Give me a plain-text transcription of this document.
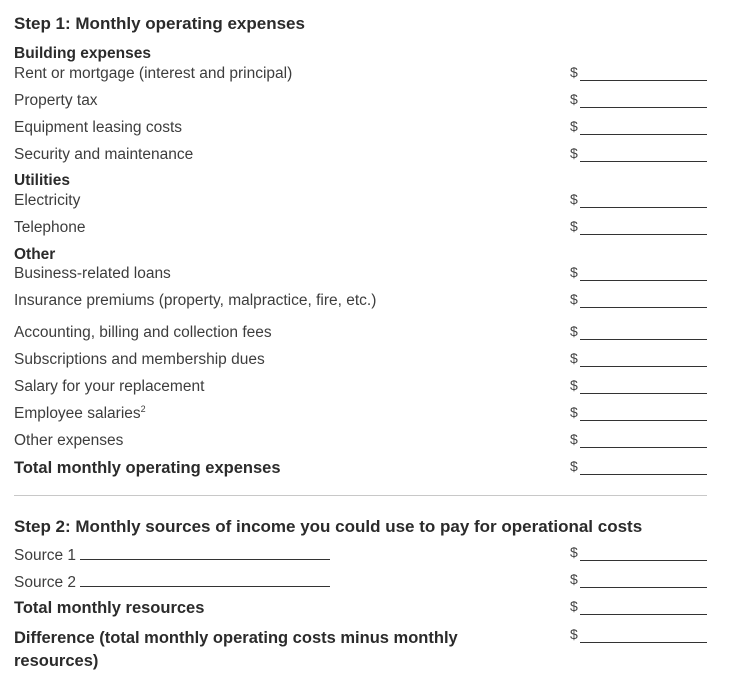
Step 1: Monthly operating expenses
Building expenses
Rent or mortgage (interest and principal)	$
Property tax	$
Equipment leasing costs	$
Security and maintenance	$
Utilities
Electricity	$
Telephone	$
Other
Business-related loans	$
Insurance premiums (property, malpractice, fire, etc.)	$
Accounting, billing and collection fees	$
Subscriptions and membership dues	$
Salary for your replacement	$
Employee salaries$^2$	$
Other expenses	$
Total monthly operating expenses	$
Step 2: Monthly sources of income you could use to pay for operational costs
Source 1	$
Source 2	$
Total monthly resources	$
Difference (total monthly operating costs minus monthly
resources)
$
